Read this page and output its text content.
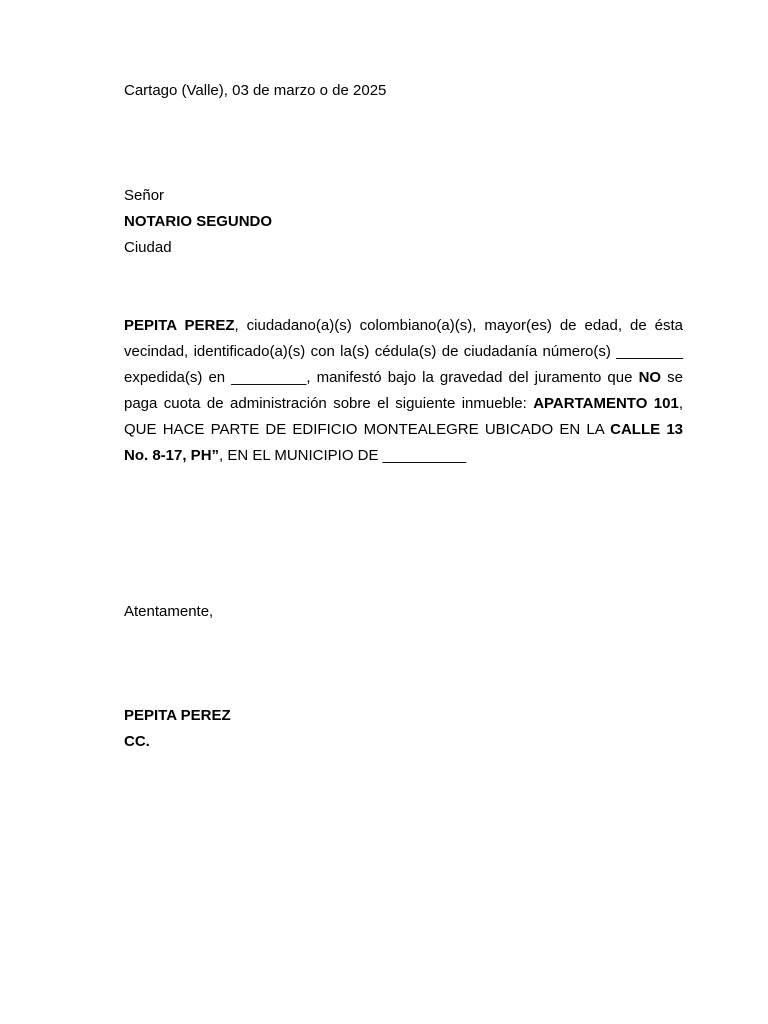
Cartago (Valle), 03 de marzo o de 2025
Señor
NOTARIO SEGUNDO
Ciudad
PEPITA PEREZ, ciudadano(a)(s) colombiano(a)(s), mayor(es) de edad, de ésta vecindad, identificado(a)(s) con la(s) cédula(s) de ciudadanía número(s) ________ expedida(s) en _________, manifestó bajo la gravedad del juramento que NO se paga cuota de administración sobre el siguiente inmueble: APARTAMENTO 101, QUE HACE PARTE DE EDIFICIO MONTEALEGRE UBICADO EN LA CALLE 13 No. 8-17, PH”, EN EL MUNICIPIO DE __________
Atentamente,
PEPITA PEREZ
CC.
